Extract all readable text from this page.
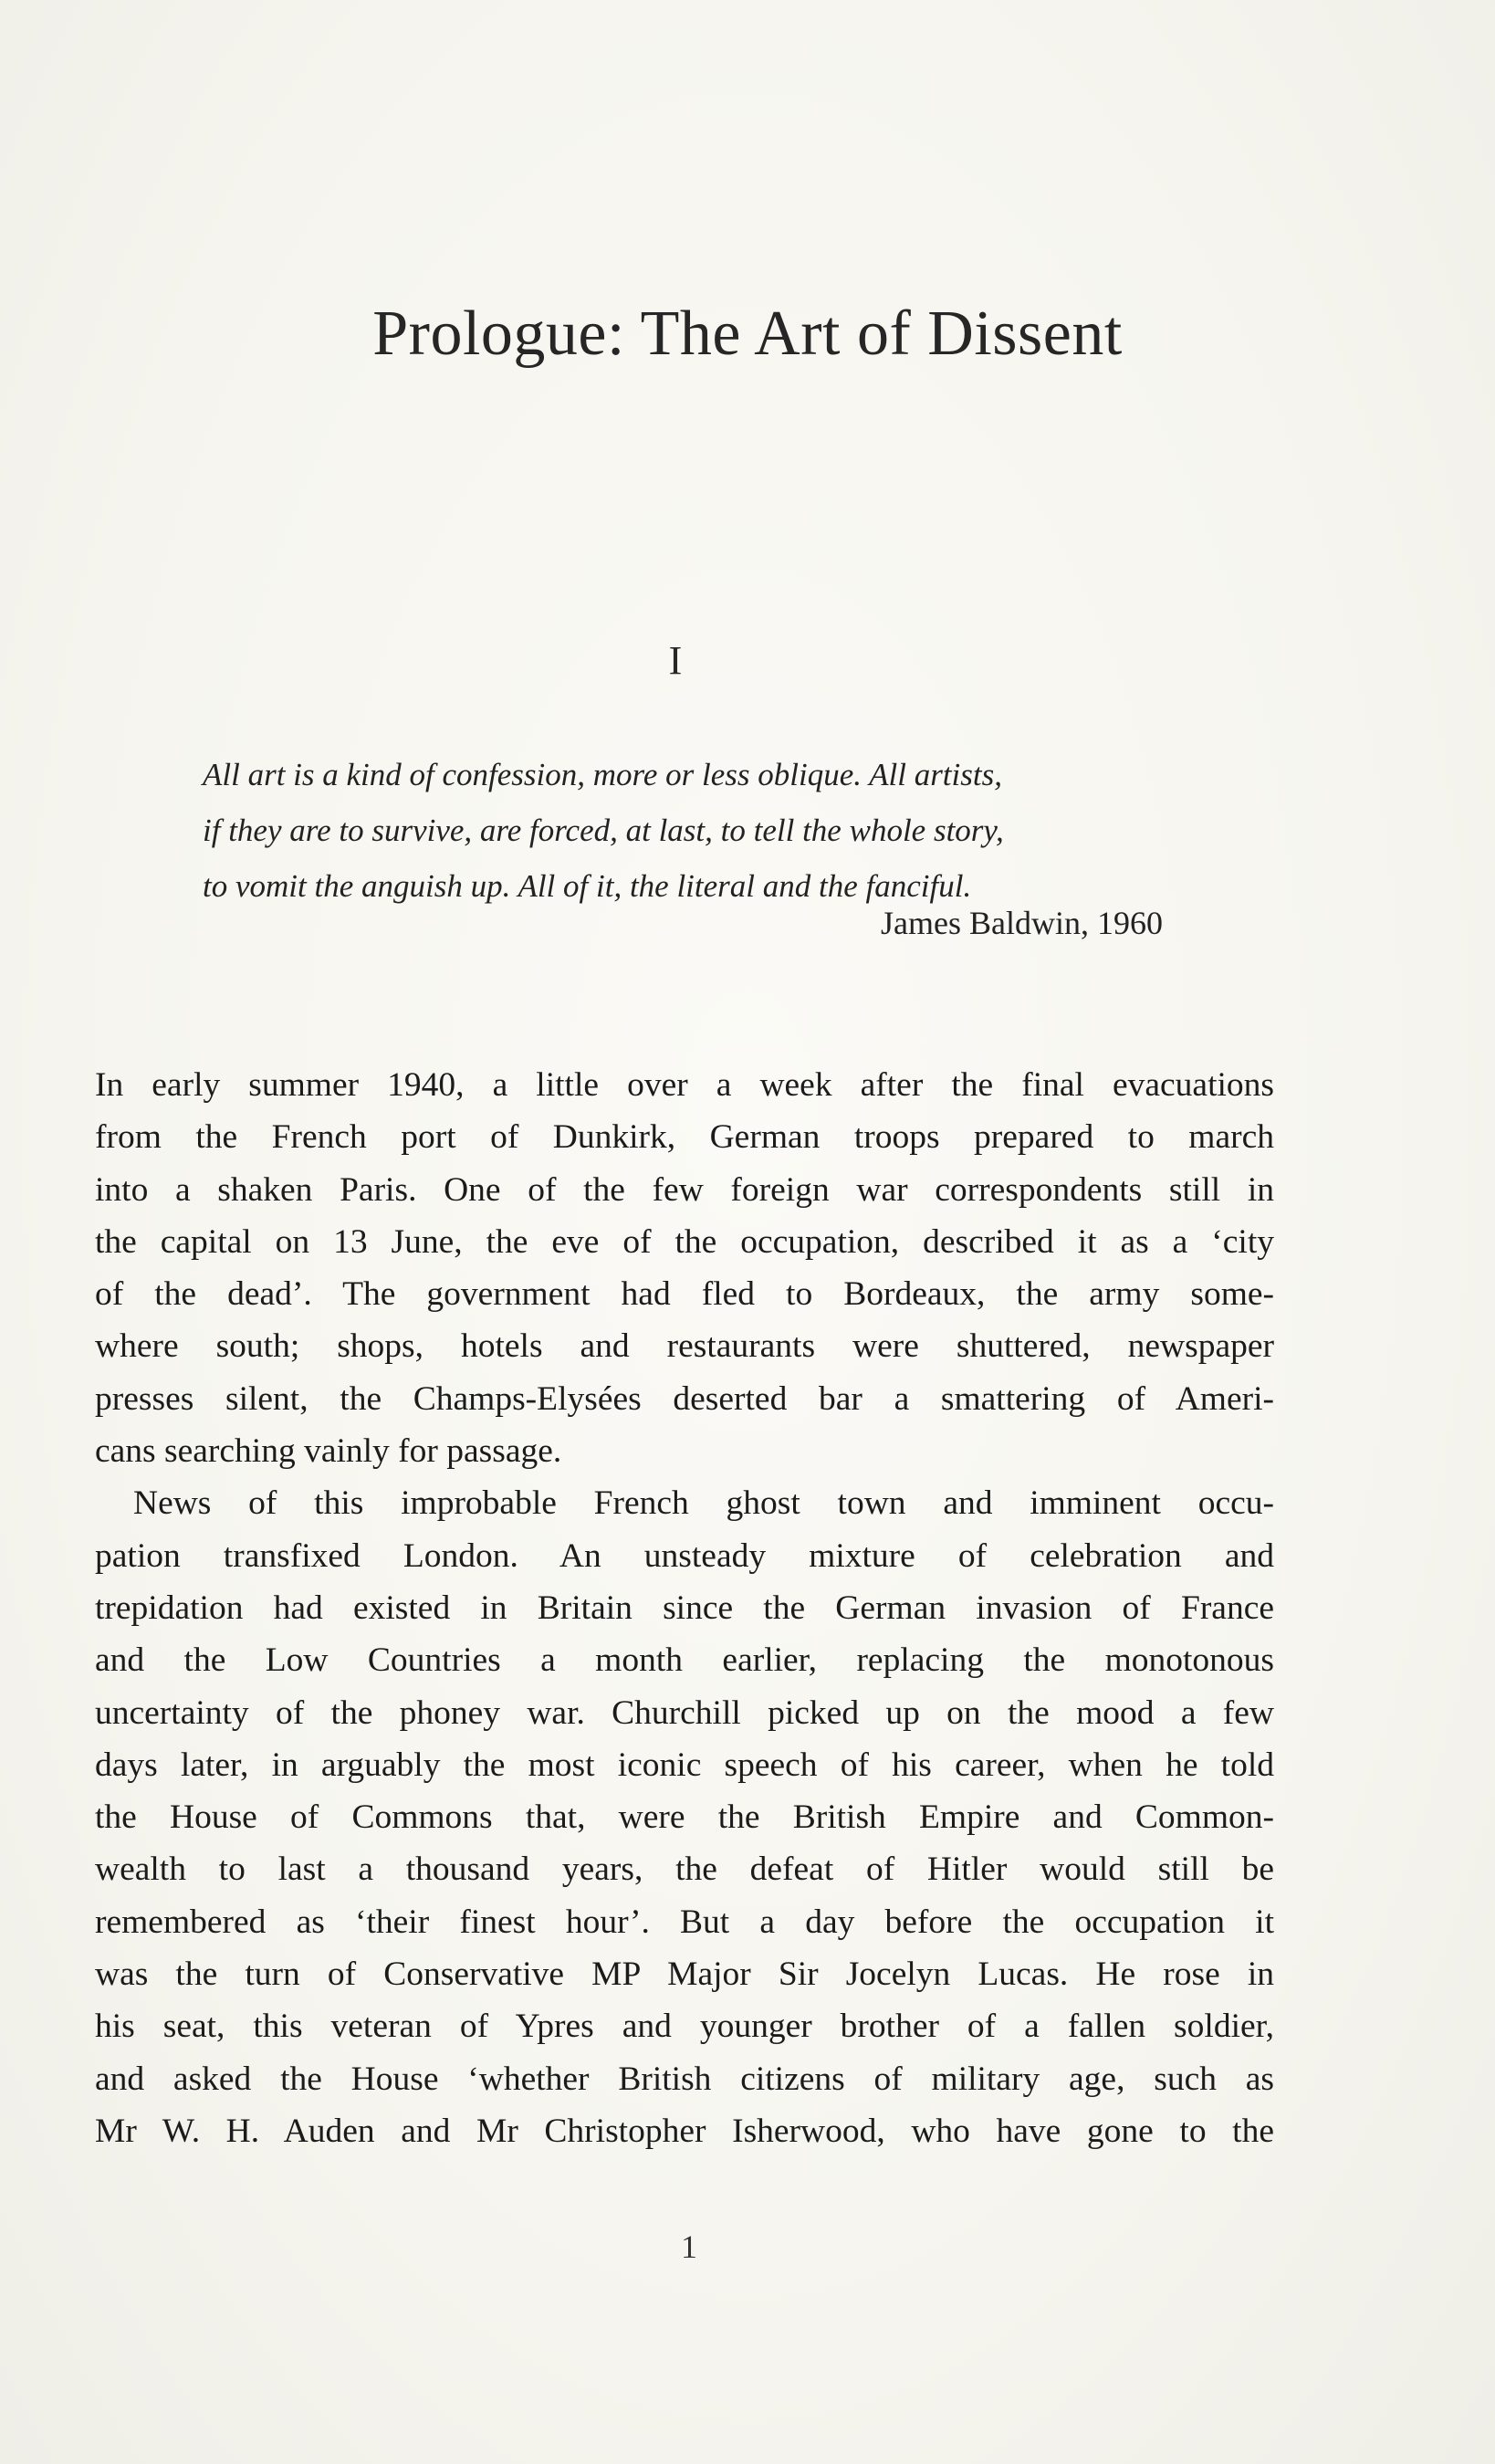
Prologue: The Art of Dissent
I
All art is a kind of confession, more or less oblique. All artists,
if they are to survive, are forced, at last, to tell the whole story,
to vomit the anguish up. All of it, the literal and the fanciful.
James Baldwin, 1960

In early summer 1940, a little over a week after the final evacuations
from the French port of Dunkirk, German troops prepared to march
into a shaken Paris. One of the few foreign war correspondents still in
the capital on 13 June, the eve of the occupation, described it as a ‘city
of the dead’. The government had fled to Bordeaux, the army some-
where south; shops, hotels and restaurants were shuttered, newspaper
presses silent, the Champs-Elysées deserted bar a smattering of Ameri-
cans searching vainly for passage.

News of this improbable French ghost town and imminent occu-
pation transfixed London. An unsteady mixture of celebration and
trepidation had existed in Britain since the German invasion of France
and the Low Countries a month earlier, replacing the monotonous
uncertainty of the phoney war. Churchill picked up on the mood a few
days later, in arguably the most iconic speech of his career, when he told
the House of Commons that, were the British Empire and Common-
wealth to last a thousand years, the defeat of Hitler would still be
remembered as ‘their finest hour’. But a day before the occupation it
was the turn of Conservative MP Major Sir Jocelyn Lucas. He rose in
his seat, this veteran of Ypres and younger brother of a fallen soldier,
and asked the House ‘whether British citizens of military age, such as
Mr W. H. Auden and Mr Christopher Isherwood, who have gone to the

1
